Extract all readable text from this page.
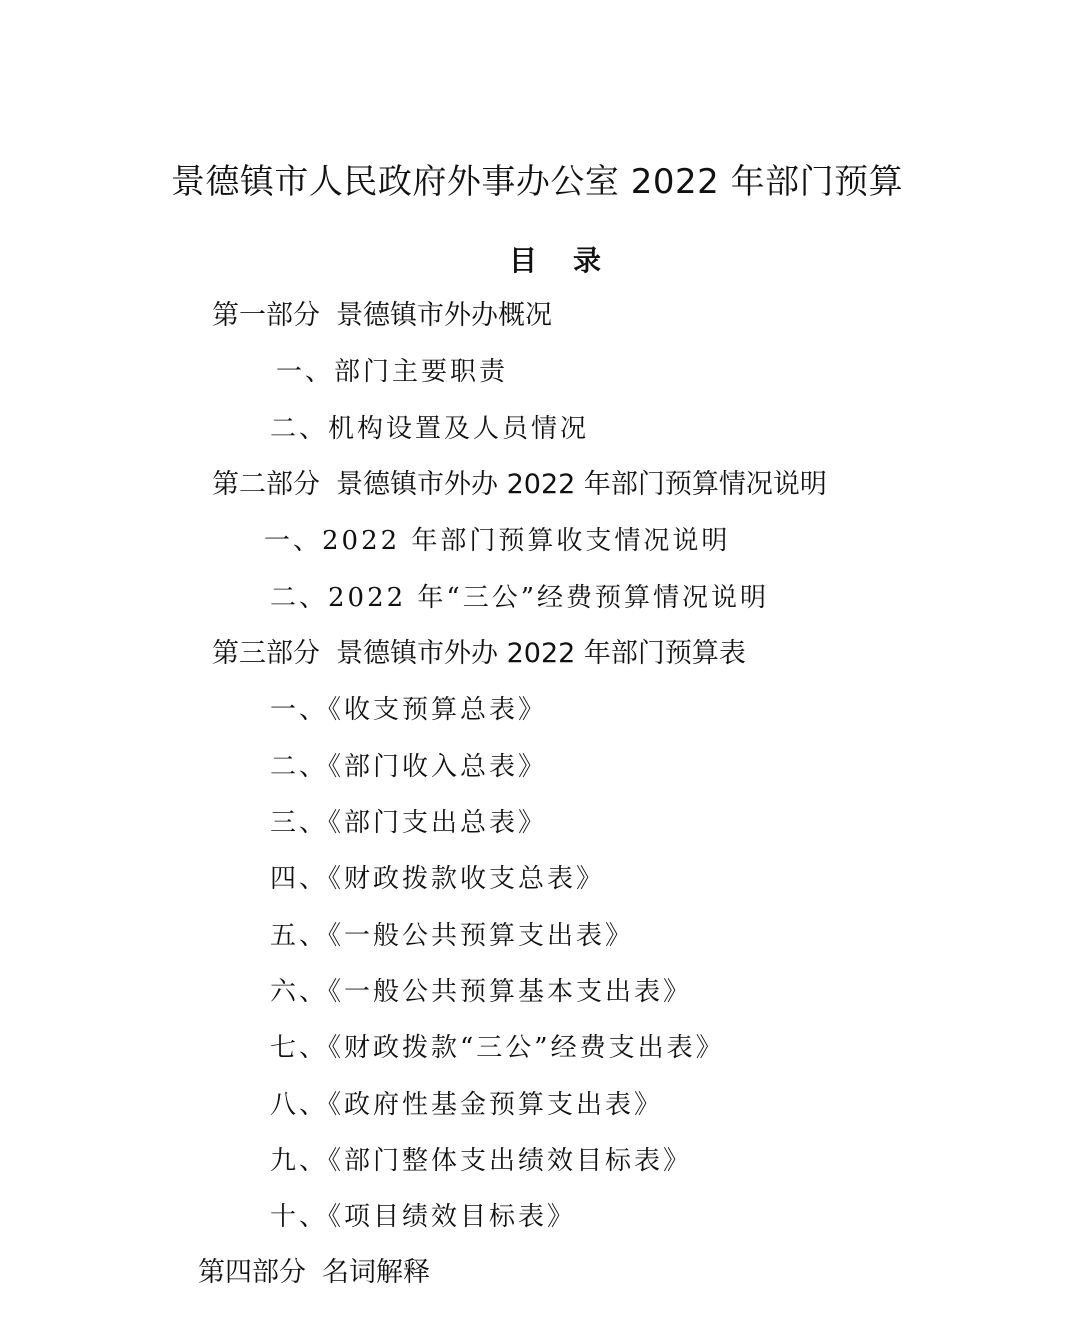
景德镇市人民政府外事办公室 2022 年部门预算
目录
第一部分 景德镇市外办概况
一、部门主要职责
二、机构设置及人员情况
第二部分 景德镇市外办 2022 年部门预算情况说明
一、2022 年部门预算收支情况说明
二、2022 年“三公”经费预算情况说明
第三部分 景德镇市外办 2022 年部门预算表
一、《收支预算总表》
二、《部门收入总表》
三、《部门支出总表》
四、《财政拨款收支总表》
五、《一般公共预算支出表》
六、《一般公共预算基本支出表》
七、《财政拨款“三公”经费支出表》
八、《政府性基金预算支出表》
九、《部门整体支出绩效目标表》
十、《项目绩效目标表》
第四部分 名词解释
